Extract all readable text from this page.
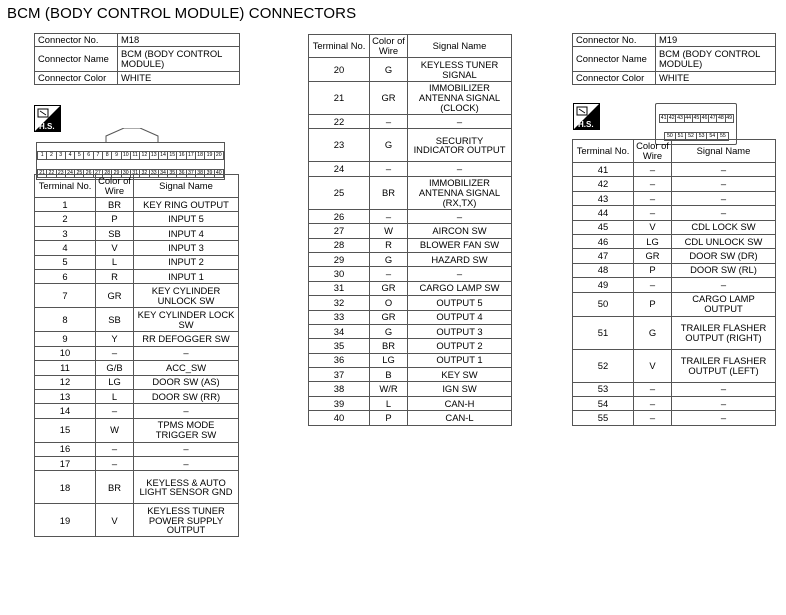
BCM (BODY CONTROL MODULE) CONNECTORS
Connector No.	M18
Connector Name	BCM (BODY CONTROL MODULE)
Connector Color	WHITE
H.S.
1 2 3 4 5 6 7 8 9 10 11 12 13 14 15 16 17 18 19 20
21 22 23 24 25 26 27 28 29 30 31 32 33 34 35 36 37 38 39 40
Terminal No.	Color of Wire	Signal Name
1	BR	KEY RING OUTPUT
2	P	INPUT 5
3	SB	INPUT 4
4	V	INPUT 3
5	L	INPUT 2
6	R	INPUT 1
7	GR	KEY CYLINDER UNLOCK SW
8	SB	KEY CYLINDER LOCK SW
9	Y	RR DEFOGGER SW
10	–	–
11	G/B	ACC_SW
12	LG	DOOR SW (AS)
13	L	DOOR SW (RR)
14	–	–
15	W	TPMS MODE TRIGGER SW
16	–	–
17	–	–
18	BR	KEYLESS & AUTO LIGHT SENSOR GND
19	V	KEYLESS TUNER POWER SUPPLY OUTPUT
Terminal No.	Color of Wire	Signal Name
20	G	KEYLESS TUNER SIGNAL
21	GR	IMMOBILIZER ANTENNA SIGNAL (CLOCK)
22	–	–
23	G	SECURITY INDICATOR OUTPUT
24	–	–
25	BR	IMMOBILIZER ANTENNA SIGNAL (RX,TX)
26	–	–
27	W	AIRCON SW
28	R	BLOWER FAN SW
29	G	HAZARD SW
30	–	–
31	GR	CARGO LAMP SW
32	O	OUTPUT 5
33	GR	OUTPUT 4
34	G	OUTPUT 3
35	BR	OUTPUT 2
36	LG	OUTPUT 1
37	B	KEY SW
38	W/R	IGN SW
39	L	CAN-H
40	P	CAN-L
Connector No.	M19
Connector Name	BCM (BODY CONTROL MODULE)
Connector Color	WHITE
H.S.
41 42 43 44 45 46 47 48 49
50 51 52 53 54 55
Terminal No.	Color of Wire	Signal Name
41	–	–
42	–	–
43	–	–
44	–	–
45	V	CDL LOCK SW
46	LG	CDL UNLOCK SW
47	GR	DOOR SW (DR)
48	P	DOOR SW (RL)
49	–	–
50	P	CARGO LAMP OUTPUT
51	G	TRAILER FLASHER OUTPUT (RIGHT)
52	V	TRAILER FLASHER OUTPUT (LEFT)
53	–	–
54	–	–
55	–	–
